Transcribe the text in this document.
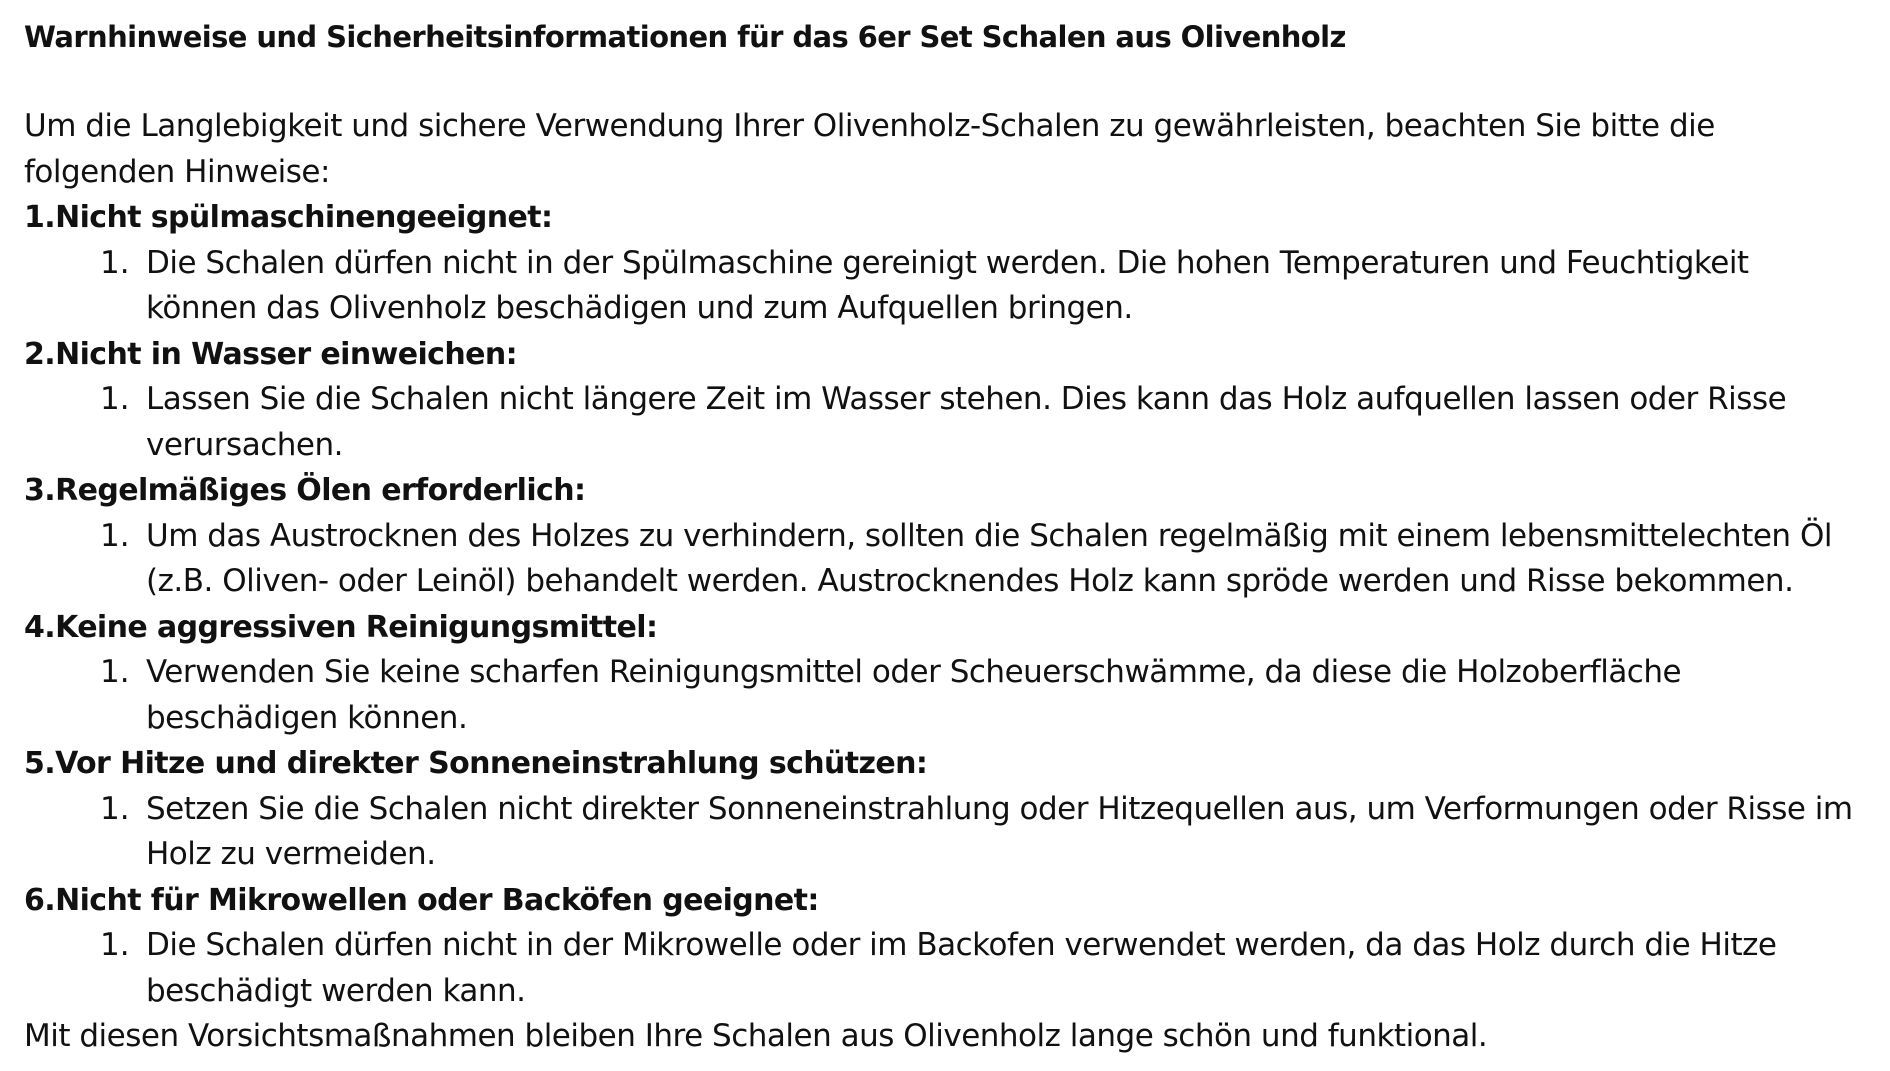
Warnhinweise und Sicherheitsinformationen für das 6er Set Schalen aus Olivenholz
Um die Langlebigkeit und sichere Verwendung Ihrer Olivenholz-Schalen zu gewährleisten, beachten Sie bitte die
folgenden Hinweise:
1.Nicht spülmaschinengeeignet:
1. Die Schalen dürfen nicht in der Spülmaschine gereinigt werden. Die hohen Temperaturen und Feuchtigkeit
können das Olivenholz beschädigen und zum Aufquellen bringen.
2.Nicht in Wasser einweichen:
1. Lassen Sie die Schalen nicht längere Zeit im Wasser stehen. Dies kann das Holz aufquellen lassen oder Risse
verursachen.
3.Regelmäßiges Ölen erforderlich:
1. Um das Austrocknen des Holzes zu verhindern, sollten die Schalen regelmäßig mit einem lebensmittelechten Öl
(z.B. Oliven- oder Leinöl) behandelt werden. Austrocknendes Holz kann spröde werden und Risse bekommen.
4.Keine aggressiven Reinigungsmittel:
1. Verwenden Sie keine scharfen Reinigungsmittel oder Scheuerschwämme, da diese die Holzoberfläche
beschädigen können.
5.Vor Hitze und direkter Sonneneinstrahlung schützen:
1. Setzen Sie die Schalen nicht direkter Sonneneinstrahlung oder Hitzequellen aus, um Verformungen oder Risse im
Holz zu vermeiden.
6.Nicht für Mikrowellen oder Backöfen geeignet:
1. Die Schalen dürfen nicht in der Mikrowelle oder im Backofen verwendet werden, da das Holz durch die Hitze
beschädigt werden kann.
Mit diesen Vorsichtsmaßnahmen bleiben Ihre Schalen aus Olivenholz lange schön und funktional.
